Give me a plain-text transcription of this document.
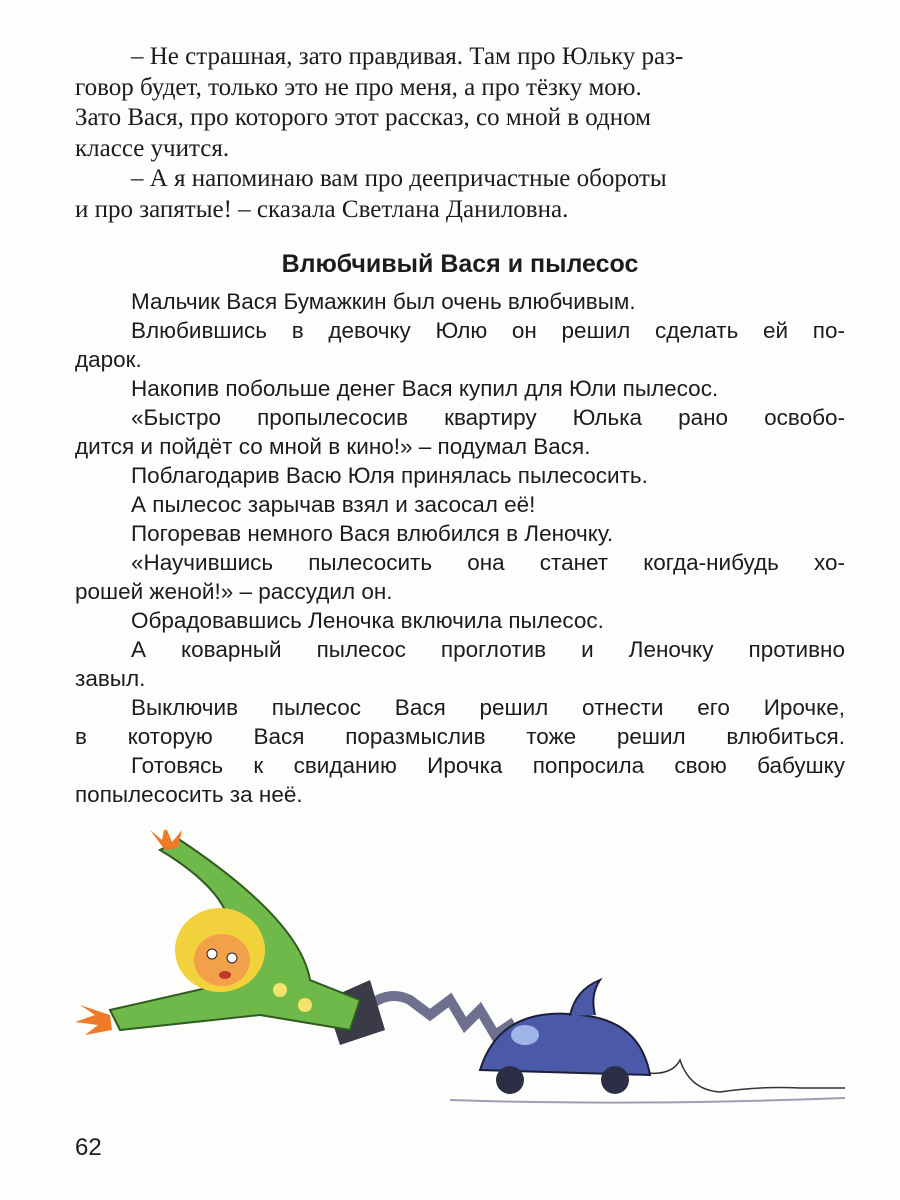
– Не страшная, зато правдивая. Там про Юльку раз-
говор будет, только это не про меня, а про тёзку мою.
Зато Вася, про которого этот рассказ, со мной в одном
классе учится.

– А я напоминаю вам про деепричастные обороты
и про запятые! – сказала Светлана Даниловна.

Влюбчивый Вася и пылесос
Мальчик Вася Бумажкин был очень влюбчивым.
Влюбившись в девочку Юлю он решил сделать ей по-
дарок.
Накопив побольше денег Вася купил для Юли пылесос.
«Быстро пропылесосив квартиру Юлька рано освобо-
дится и пойдёт со мной в кино!» – подумал Вася.
Поблагодарив Васю Юля принялась пылесосить.
А пылесос зарычав взял и засосал её!
Погоревав немного Вася влюбился в Леночку.
«Научившись пылесосить она станет когда-нибудь хо-
рошей женой!» – рассудил он.
Обрадовавшись Леночка включила пылесос.
А коварный пылесос проглотив и Леночку противно
завыл.
Выключив пылесос Вася решил отнести его Ирочке,
в которую Вася поразмыслив тоже решил влюбиться.
Готовясь к свиданию Ирочка попросила свою бабушку
попылесосить за неё.
62
